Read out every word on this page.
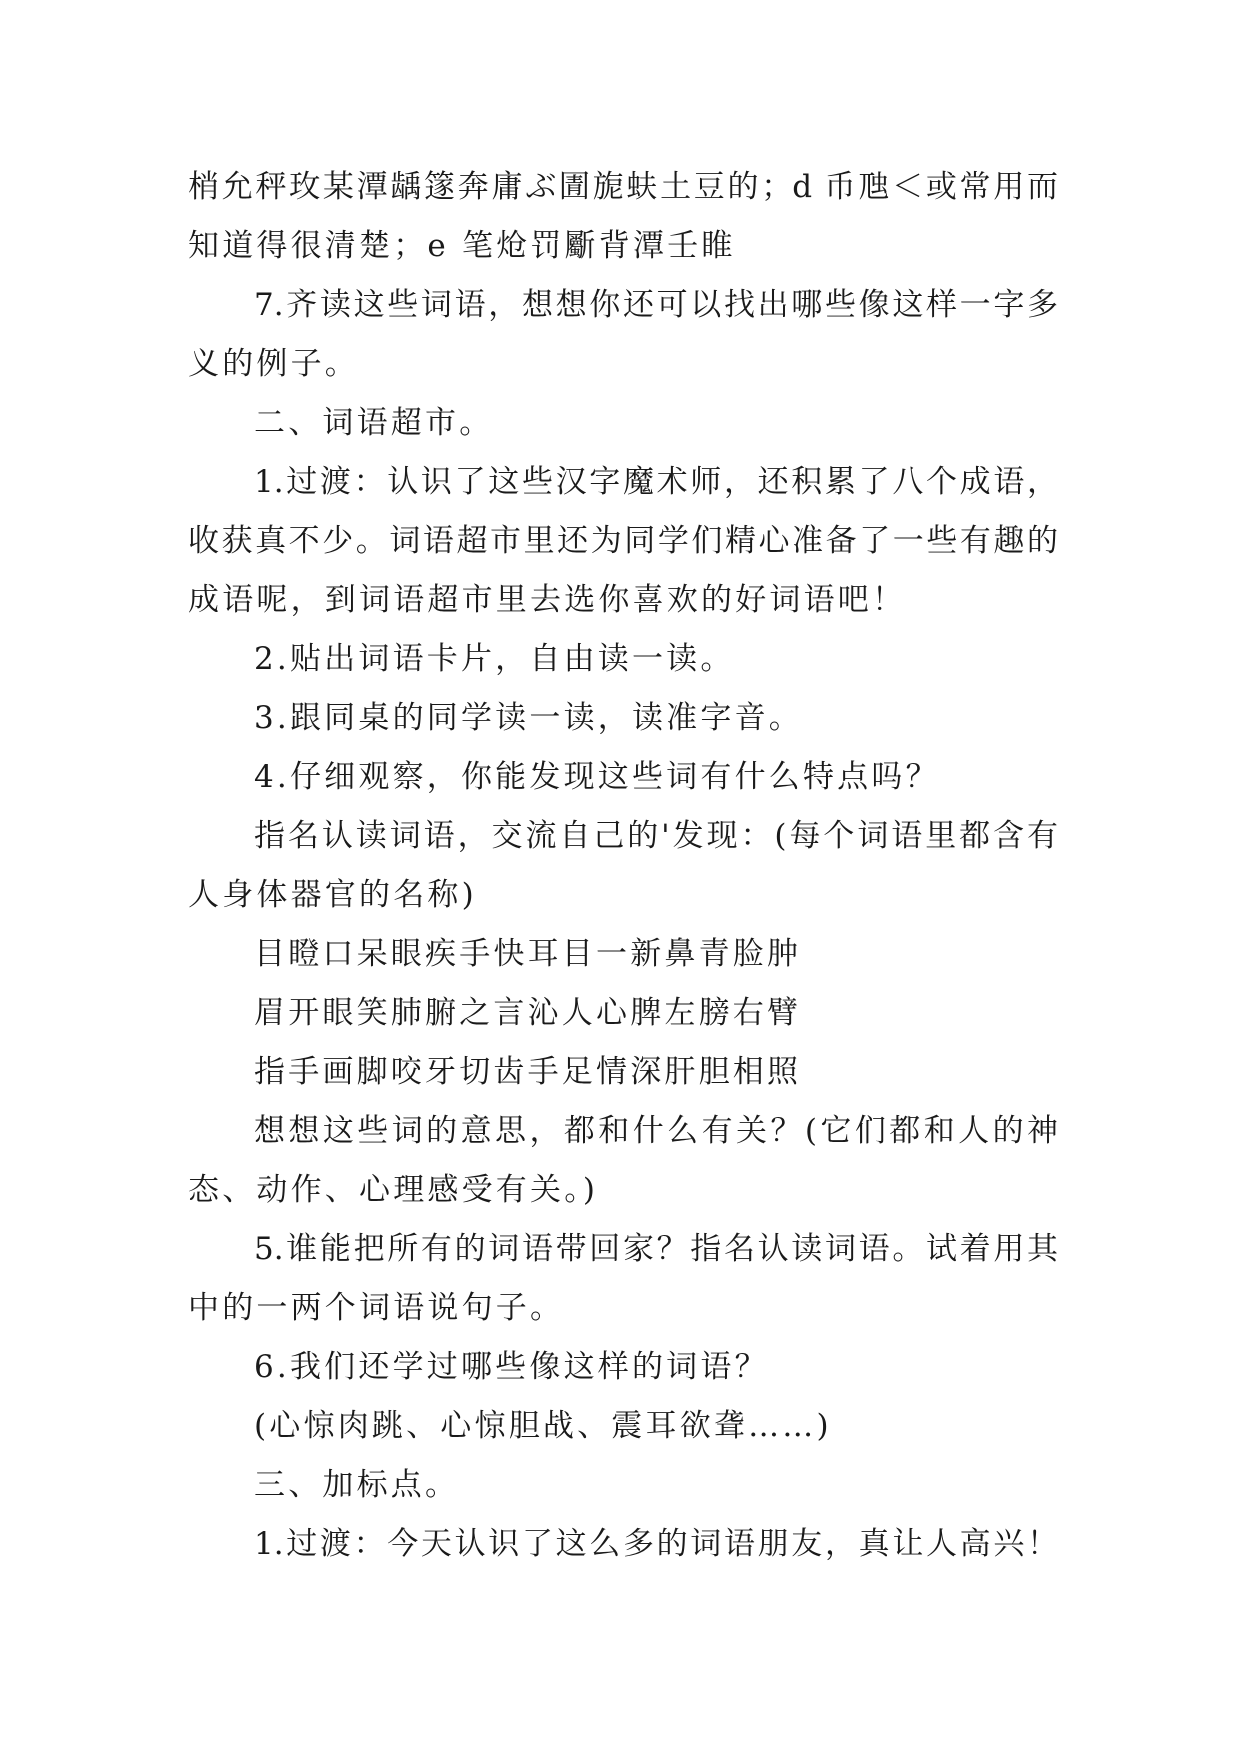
梢允秤玫某潭龋篴奔庸ぶ圊旎蚨土豆的；d 币虺＜或常用而
知道得很清楚；e 笔炝罚斸背潭壬睢
7.齐读这些词语，想想你还可以找出哪些像这样一字多
义的例子。
二、词语超市。
1.过渡：认识了这些汉字魔术师，还积累了八个成语，
收获真不少。词语超市里还为同学们精心准备了一些有趣的
成语呢，到词语超市里去选你喜欢的好词语吧！
2.贴出词语卡片，自由读一读。
3.跟同桌的同学读一读，读准字音。
4.仔细观察，你能发现这些词有什么特点吗？
指名认读词语，交流自己的'发现：(每个词语里都含有
人身体器官的名称)
目瞪口呆眼疾手快耳目一新鼻青脸肿
眉开眼笑肺腑之言沁人心脾左膀右臂
指手画脚咬牙切齿手足情深肝胆相照
想想这些词的意思，都和什么有关？(它们都和人的神
态、动作、心理感受有关。)
5.谁能把所有的词语带回家？指名认读词语。试着用其
中的一两个词语说句子。
6.我们还学过哪些像这样的词语？
(心惊肉跳、心惊胆战、震耳欲聋……)
三、加标点。
1.过渡：今天认识了这么多的词语朋友，真让人高兴！
